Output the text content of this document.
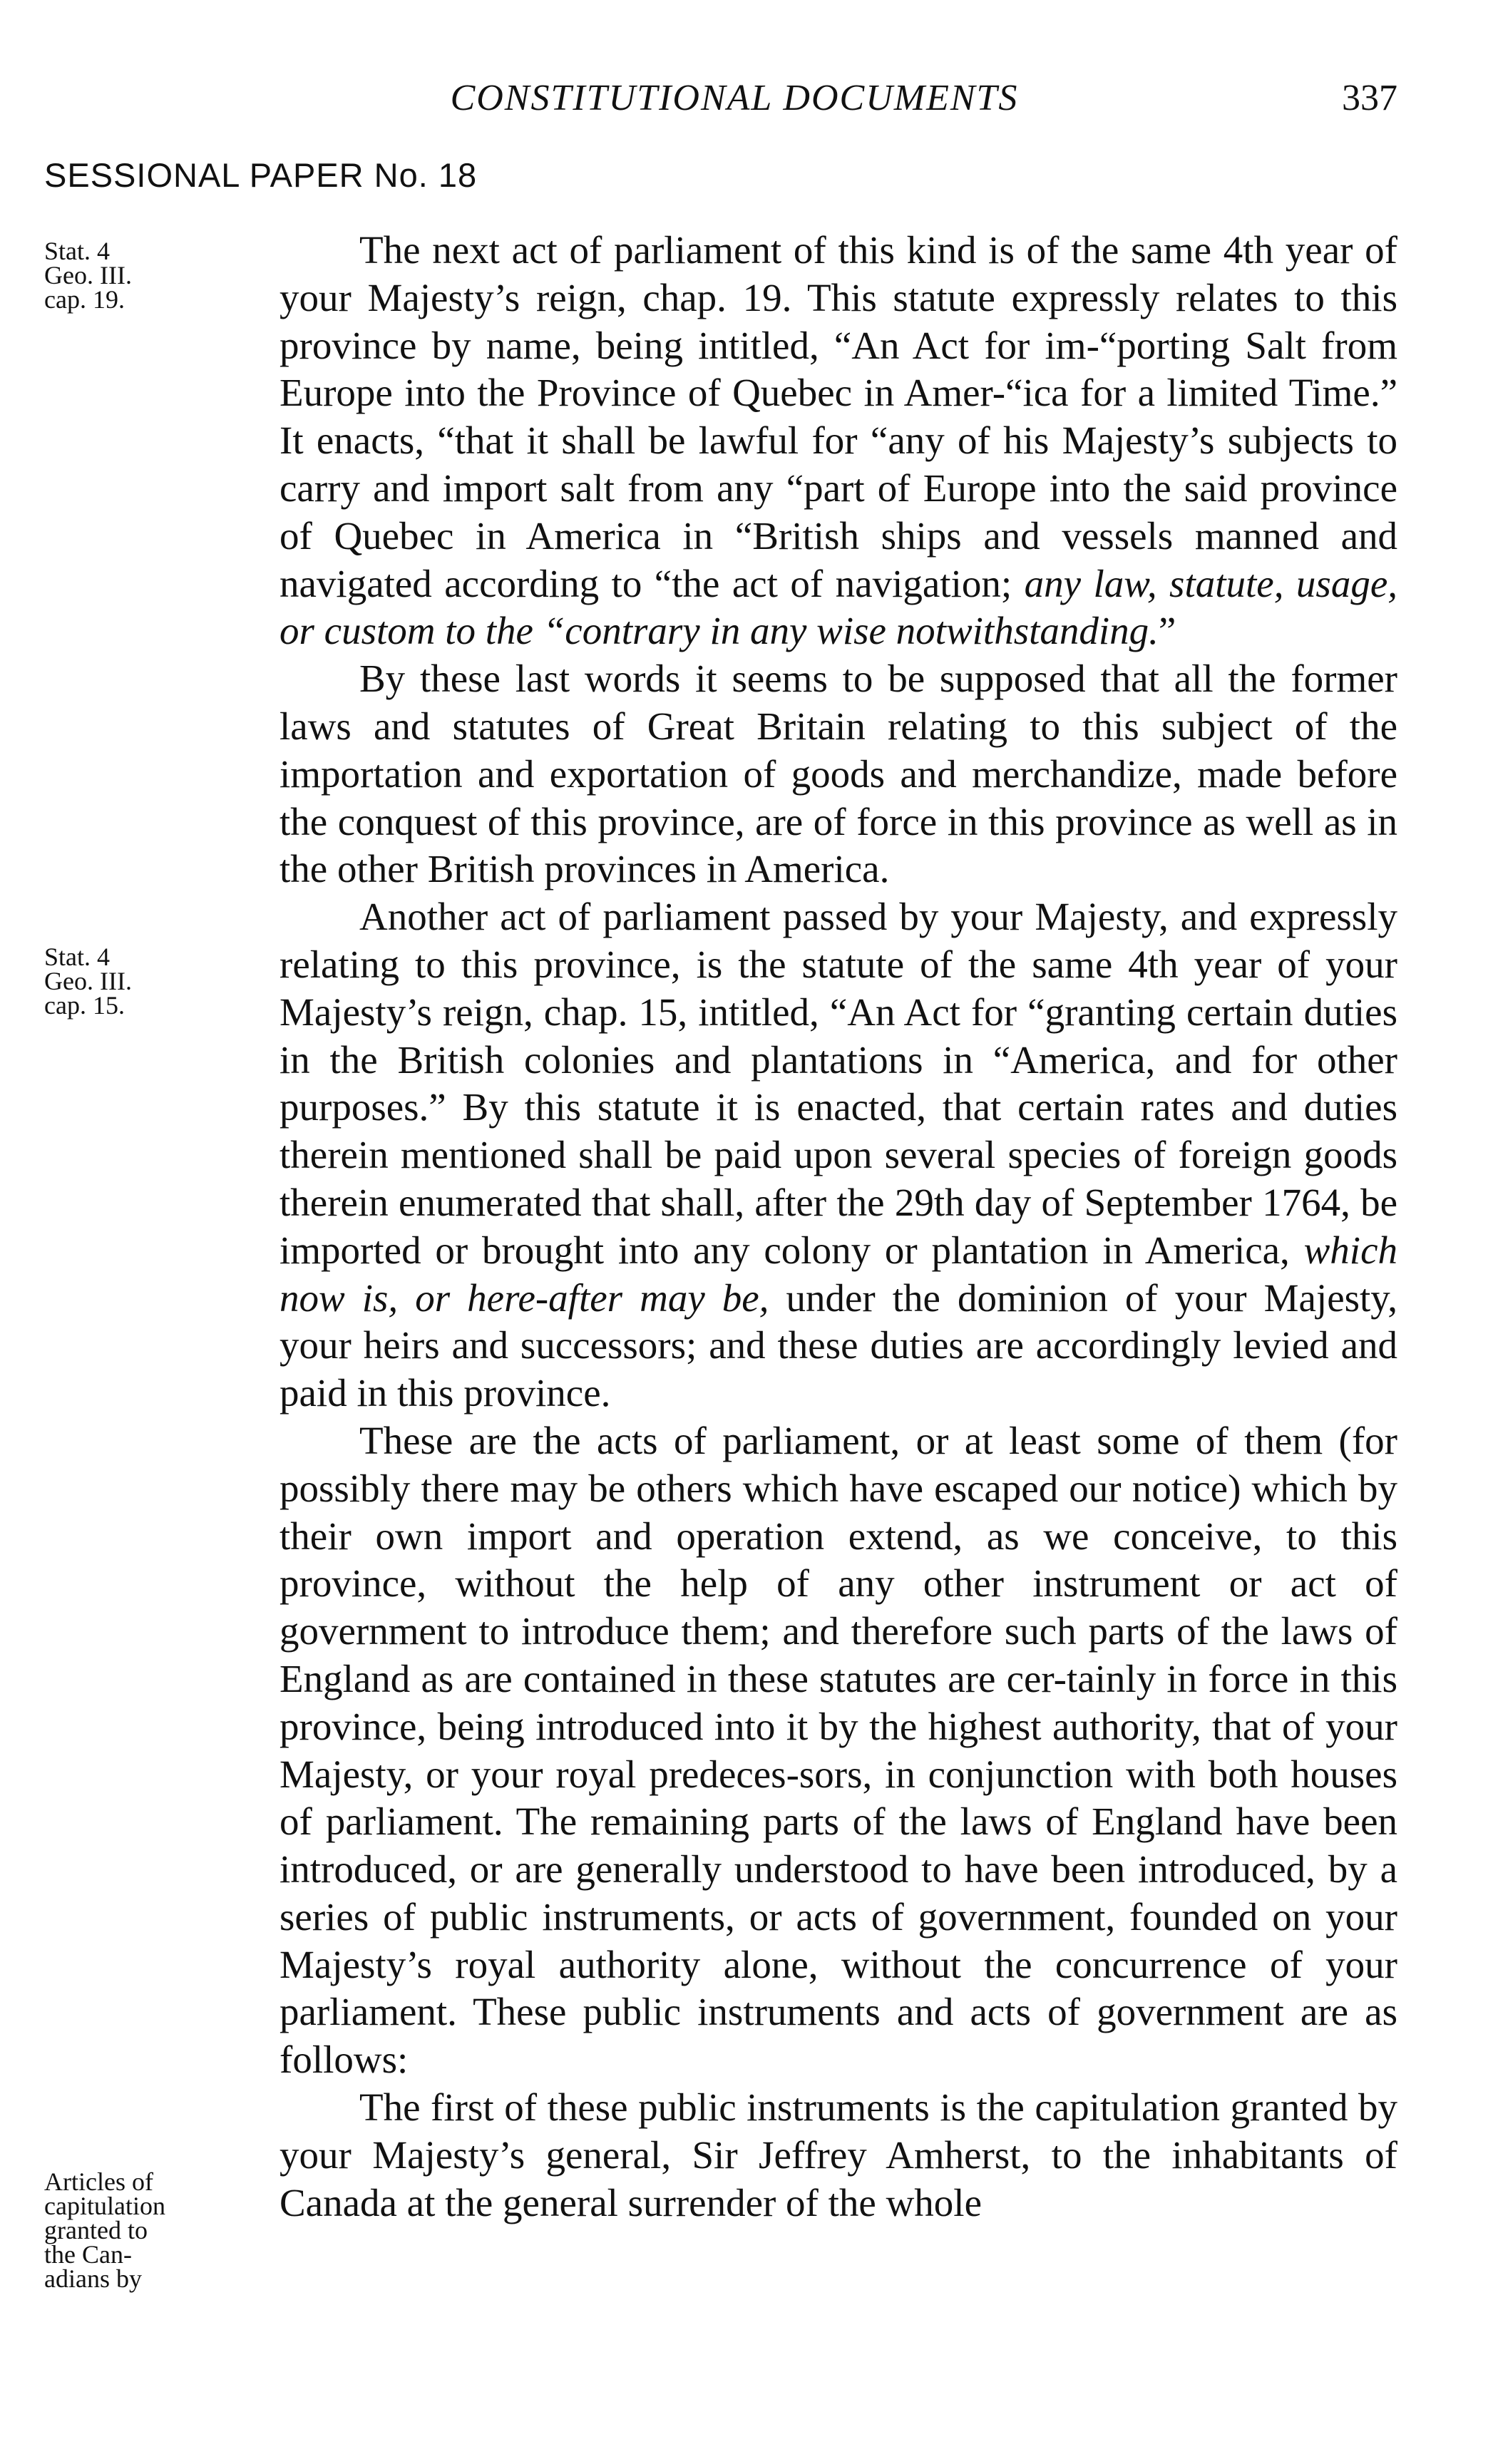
CONSTITUTIONAL DOCUMENTS	337
SESSIONAL PAPER No. 18
Stat. 4
Geo. III.
cap. 19.
Stat. 4
Geo. III.
cap. 15.
Articles of
capitulation
granted to
the Can-
adians by

The next act of parliament of this kind is of the same 4th year of your Majesty’s reign, chap. 19. This statute expressly relates to this province by name, being intitled, “An Act for im-“porting Salt from Europe into the Province of Quebec in Amer-“ica for a limited Time.” It enacts, “that it shall be lawful for “any of his Majesty’s subjects to carry and import salt from any “part of Europe into the said province of Quebec in America in “British ships and vessels manned and navigated according to “the act of navigation; any law, statute, usage, or custom to the “contrary in any wise notwithstanding.”

By these last words it seems to be supposed that all the former laws and statutes of Great Britain relating to this subject of the importation and exportation of goods and merchandize, made before the conquest of this province, are of force in this province as well as in the other British provinces in America.

Another act of parliament passed by your Majesty, and expressly relating to this province, is the statute of the same 4th year of your Majesty’s reign, chap. 15, intitled, “An Act for “granting certain duties in the British colonies and plantations in “America, and for other purposes.” By this statute it is enacted, that certain rates and duties therein mentioned shall be paid upon several species of foreign goods therein enumerated that shall, after the 29th day of September 1764, be imported or brought into any colony or plantation in America, which now is, or here-after may be, under the dominion of your Majesty, your heirs and successors; and these duties are accordingly levied and paid in this province.

These are the acts of parliament, or at least some of them (for possibly there may be others which have escaped our notice) which by their own import and operation extend, as we conceive, to this province, without the help of any other instrument or act of government to introduce them; and therefore such parts of the laws of England as are contained in these statutes are cer-tainly in force in this province, being introduced into it by the highest authority, that of your Majesty, or your royal predeces-sors, in conjunction with both houses of parliament. The remaining parts of the laws of England have been introduced, or are generally understood to have been introduced, by a series of public instruments, or acts of government, founded on your Majesty’s royal authority alone, without the concurrence of your parliament. These public instruments and acts of government are as follows:

The first of these public instruments is the capitulation granted by your Majesty’s general, Sir Jeffrey Amherst, to the inhabitants of Canada at the general surrender of the whole
